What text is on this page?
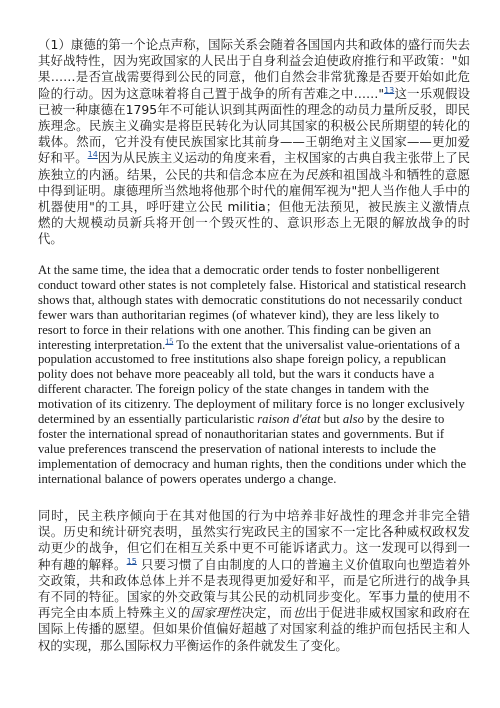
（1）康德的第一个论点声称，国际关系会随着各国国内共和政体的盛行而失去其好战特性，因为宪政国家的人民出于自身利益会迫使政府推行和平政策："如果……是否宣战需要得到公民的同意，他们自然会非常犹豫是否要开始如此危险的行动。因为这意味着将自己置于战争的所有苦难之中……"$^{13}$这一乐观假设已被一种康德在1795年不可能认识到其两面性的理念的动员力量所反驳，即民族理念。民族主义确实是将臣民转化为认同其国家的积极公民所期望的转化的载体。然而，它并没有使民族国家比其前身——王朝绝对主义国家——更加爱好和平。$^{14}$因为从民族主义运动的角度来看，主权国家的古典自我主张带上了民族独立的内涵。结果，公民的共和信念本应在为民族和祖国战斗和牺牲的意愿中得到证明。康德理所当然地将他那个时代的雇佣军视为"把人当作他人手中的机器使用"的工具，呼吁建立公民 militia；但他无法预见，被民族主义激情点燃的大规模动员新兵将开创一个毁灭性的、意识形态上无限的解放战争的时代。

At the same time, the idea that a democratic order tends to foster nonbelligerent conduct toward other states is not completely false. Historical and statistical research shows that, although states with democratic constitutions do not necessarily conduct fewer wars than authoritarian regimes (of whatever kind), they are less likely to resort to force in their relations with one another. This finding can be given an interesting interpretation.$^{15}$ To the extent that the universalist value-orientations of a population accustomed to free institutions also shape foreign policy, a republican polity does not behave more peaceably all told, but the wars it conducts have a different character. The foreign policy of the state changes in tandem with the motivation of its citizenry. The deployment of military force is no longer exclusively determined by an essentially particularistic raison d'état but also by the desire to foster the international spread of nonauthoritarian states and governments. But if value preferences transcend the preservation of national interests to include the implementation of democracy and human rights, then the conditions under which the international balance of powers operates undergo a change.

同时，民主秩序倾向于在其对他国的行为中培养非好战性的理念并非完全错误。历史和统计研究表明，虽然实行宪政民主的国家不一定比各种威权政权发动更少的战争，但它们在相互关系中更不可能诉诸武力。这一发现可以得到一种有趣的解释。$^{15}$ 只要习惯了自由制度的人口的普遍主义价值取向也塑造着外交政策，共和政体总体上并不是表现得更加爱好和平，而是它所进行的战争具有不同的特征。国家的外交政策与其公民的动机同步变化。军事力量的使用不再完全由本质上特殊主义的国家理性决定，而也出于促进非威权国家和政府在国际上传播的愿望。但如果价值偏好超越了对国家利益的维护而包括民主和人权的实现，那么国际权力平衡运作的条件就发生了变化。
